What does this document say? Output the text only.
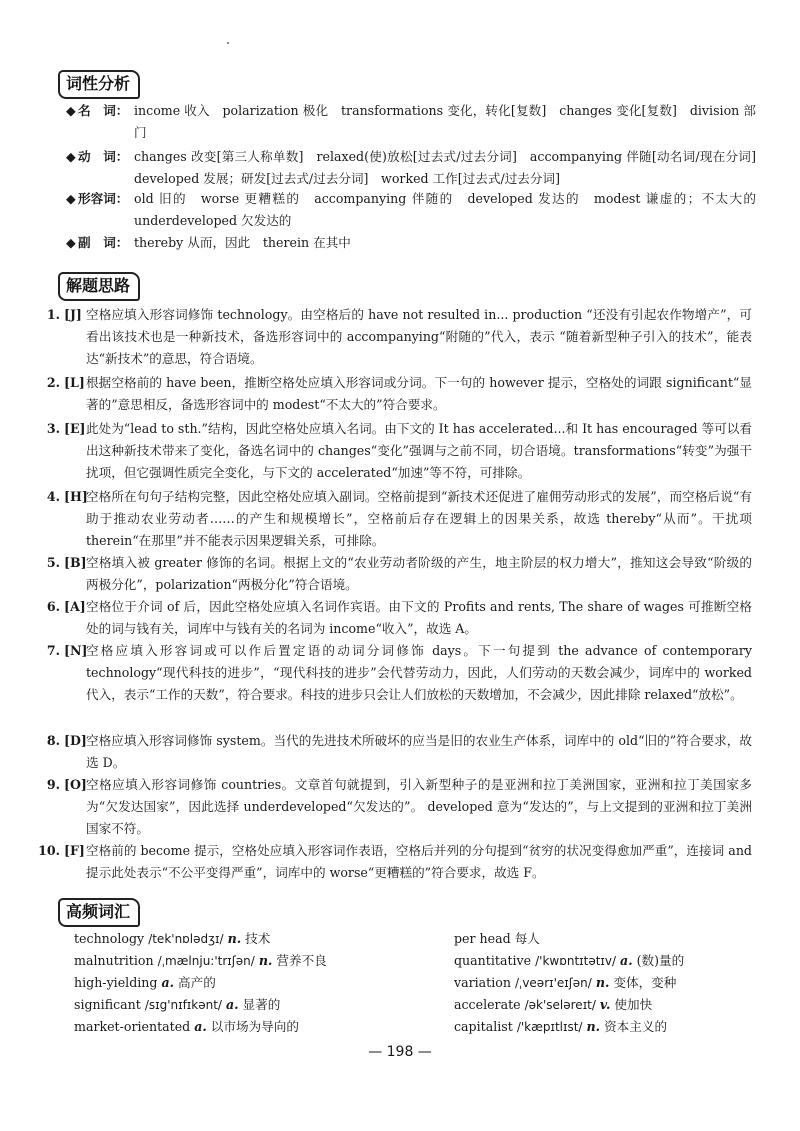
词性分析
◆ 名　词： income 收入　polarization 极化　transformations 变化，转化[复数]　changes 变化[复数]　division 部门
◆ 动　词： changes 改变[第三人称单数]　relaxed(使)放松[过去式/过去分词]　accompanying 伴随[动名词/现在分词]　developed 发展；研发[过去式/过去分词]　worked 工作[过去式/过去分词]
◆ 形容词： old 旧的　worse 更糟糕的　accompanying 伴随的　developed 发达的　modest 谦虚的；不太大的　underdeveloped 欠发达的
◆ 副　词： thereby 从而，因此　therein 在其中
解题思路
1. [J] 空格应填入形容词修饰 technology。由空格后的 have not resulted in... production “还没有引起农作物增产”，可看出该技术也是一种新技术，备选形容词中的 accompanying“附随的”代入，表示 “随着新型种子引入的技术”，能表达“新技术”的意思，符合语境。
2. [L] 根据空格前的 have been，推断空格处应填入形容词或分词。下一句的 however 提示，空格处的词跟 significant“显著的”意思相反，备选形容词中的 modest“不太大的”符合要求。
3. [E] 此处为“lead to sth.”结构，因此空格处应填入名词。由下文的 It has accelerated...和 It has encouraged 等可以看出这种新技术带来了变化，备选名词中的 changes“变化”强调与之前不同，切合语境。transformations“转变”为强干扰项，但它强调性质完全变化，与下文的 accelerated“加速”等不符，可排除。
4. [H]
空格所在句句子结构完整，因此空格处应填入副词。空格前提到“新技术还促进了雇佣劳动形式的发展”，而空格后说“有助于推动农业劳动者……的产生和规模增长”，空格前后存在逻辑上的因果关系，故选 thereby“从而”。干扰项 therein“在那里”并不能表示因果逻辑关系，可排除。
5. [B] 空格填入被 greater 修饰的名词。根据上文的“农业劳动者阶级的产生，地主阶层的权力增大”，推知这会导致“阶级的两极分化”，polarization“两极分化”符合语境。
6. [A] 空格位于介词 of 后，因此空格处应填入名词作宾语。由下文的 Profits and rents, The share of wages 可推断空格处的词与钱有关，词库中与钱有关的名词为 income“收入”，故选 A。
7. [N]
空格应填入形容词或可以作后置定语的动词分词修饰 days。下一句提到 the advance of contemporary technology“现代科技的进步”，“现代科技的进步”会代替劳动力，因此，人们劳动的天数会减少，词库中的 worked 代入，表示“工作的天数”，符合要求。科技的进步只会让人们放松的天数增加，不会减少，因此排除 relaxed“放松”。
8. [D] 空格应填入形容词修饰 system。当代的先进技术所破坏的应当是旧的农业生产体系，词库中的 old“旧的”符合要求，故选 D。
9. [O] 空格应填入形容词修饰 countries。文章首句就提到，引入新型种子的是亚洲和拉丁美洲国家，亚洲和拉丁美国家多为“欠发达国家”，因此选择 underdeveloped“欠发达的”。 developed 意为“发达的”，与上文提到的亚洲和拉丁美洲国家不符。
10. [F] 空格前的 become 提示，空格处应填入形容词作表语，空格后并列的分句提到“贫穷的状况变得愈加严重”，连接词 and 提示此处表示“不公平变得严重”，词库中的 worse“更糟糕的”符合要求，故选 F。
高频词汇
technology /tek'nɒlədʒɪ/ n. 技术
malnutrition /ˌmælnju:'trɪʃən/ n. 营养不良
high-yielding a. 高产的
significant /sɪg'nɪfɪkənt/ a. 显著的
market-orientated a. 以市场为导向的
per head 每人
quantitative /'kwɒntɪtətɪv/ a. (数)量的
variation /ˌveərɪ'eɪʃən/ n. 变体，变种
accelerate /ək'seləreɪt/ v. 使加快
capitalist /'kæpɪtlɪst/ n. 资本主义的
— 198 —
